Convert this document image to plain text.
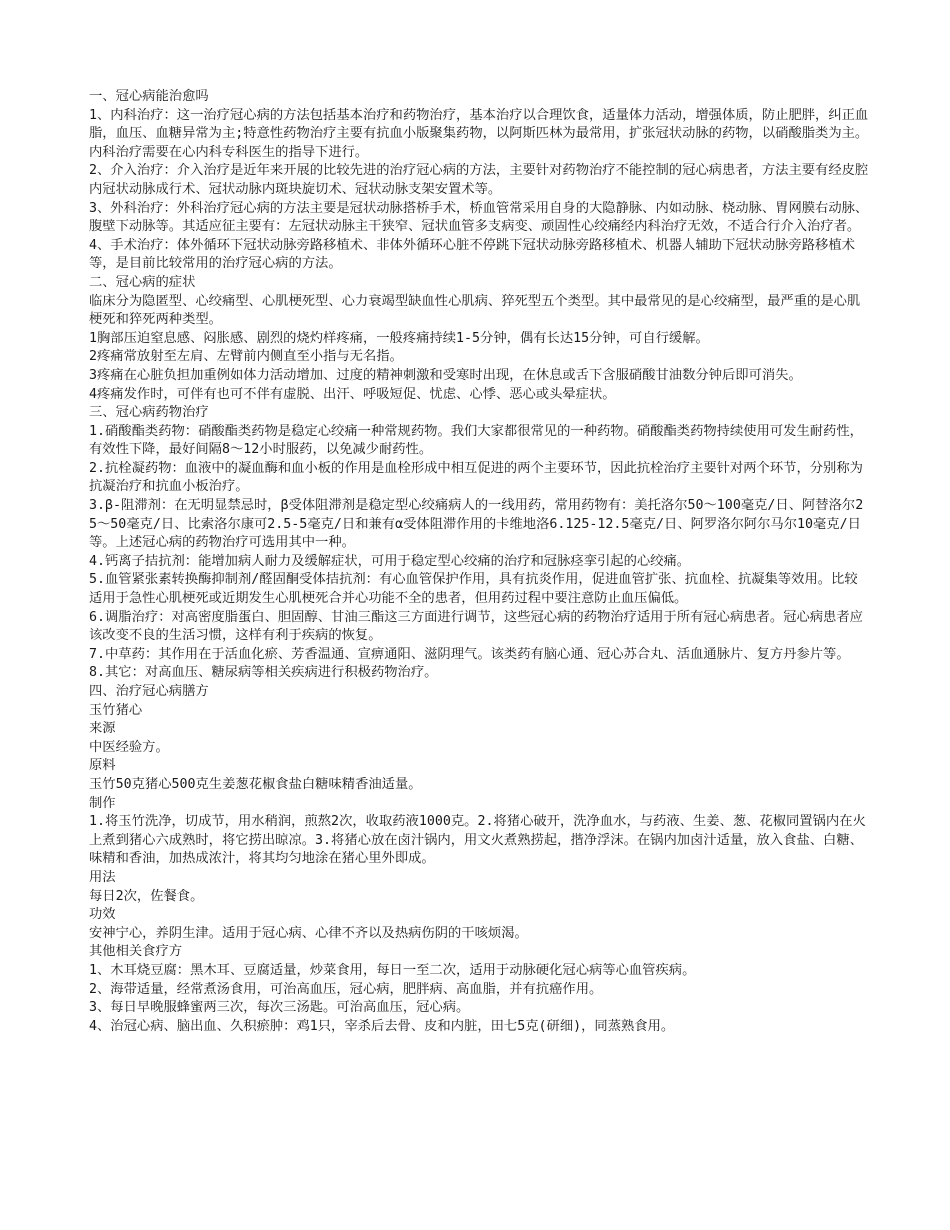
一、冠心病能治愈吗

1、内科治疗：这一治疗冠心病的方法包括基本治疗和药物治疗，基本治疗以合理饮食，适量体力活动，增强体质，防止肥胖，纠正血脂，血压、血糖异常为主;特意性药物治疗主要有抗血小版聚集药物，以阿斯匹林为最常用，扩张冠状动脉的药物，以硝酸脂类为主。内科治疗需要在心内科专科医生的指导下进行。

2、介入治疗：介入治疗是近年来开展的比较先进的治疗冠心病的方法，主要针对药物治疗不能控制的冠心病患者，方法主要有经皮腔内冠状动脉成行术、冠状动脉内斑块旋切术、冠状动脉支架安置术等。

3、外科治疗：外科治疗冠心病的方法主要是冠状动脉搭桥手术，桥血管常采用自身的大隐静脉、内如动脉、桡动脉、胃网膜右动脉、腹壁下动脉等。其适应征主要有：左冠状动脉主干狭窄、冠状血管多支病变、顽固性心绞痛经内科治疗无效，不适合行介入治疗者。

4、手术治疗：体外循环下冠状动脉旁路移植术、非体外循环心脏不停跳下冠状动脉旁路移植术、机器人辅助下冠状动脉旁路移植术等，是目前比较常用的治疗冠心病的方法。

二、冠心病的症状

临床分为隐匿型、心绞痛型、心肌梗死型、心力衰竭型缺血性心肌病、猝死型五个类型。其中最常见的是心绞痛型，最严重的是心肌梗死和猝死两种类型。

1胸部压迫窒息感、闷胀感、剧烈的烧灼样疼痛，一般疼痛持续1-5分钟，偶有长达15分钟，可自行缓解。

2疼痛常放射至左肩、左臂前内侧直至小指与无名指。

3疼痛在心脏负担加重例如体力活动增加、过度的精神刺激和受寒时出现，在休息或舌下含服硝酸甘油数分钟后即可消失。

4疼痛发作时，可伴有也可不伴有虚脱、出汗、呼吸短促、忧虑、心悸、恶心或头晕症状。

三、冠心病药物治疗

1.硝酸酯类药物：硝酸酯类药物是稳定心绞痛一种常规药物。我们大家都很常见的一种药物。硝酸酯类药物持续使用可发生耐药性，有效性下降，最好间隔8～12小时服药，以免减少耐药性。

2.抗栓凝药物：血液中的凝血酶和血小板的作用是血栓形成中相互促进的两个主要环节，因此抗栓治疗主要针对两个环节，分别称为抗凝治疗和抗血小板治疗。

3.β-阻滞剂：在无明显禁忌时，β受体阻滞剂是稳定型心绞痛病人的一线用药，常用药物有：美托洛尔50～100毫克/日、阿替洛尔25～50毫克/日、比索洛尔康可2.5-5毫克/日和兼有α受体阻滞作用的卡维地洛6.125-12.5毫克/日、阿罗洛尔阿尔马尔10毫克/日等。上述冠心病的药物治疗可选用其中一种。

4.钙离子拮抗剂：能增加病人耐力及缓解症状，可用于稳定型心绞痛的治疗和冠脉痉挛引起的心绞痛。

5.血管紧张素转换酶抑制剂/醛固酮受体拮抗剂：有心血管保护作用，具有抗炎作用，促进血管扩张、抗血栓、抗凝集等效用。比较适用于急性心肌梗死或近期发生心肌梗死合并心功能不全的患者，但用药过程中要注意防止血压偏低。

6.调脂治疗：对高密度脂蛋白、胆固醇、甘油三酯这三方面进行调节，这些冠心病的药物治疗适用于所有冠心病患者。冠心病患者应该改变不良的生活习惯，这样有利于疾病的恢复。

7.中草药：其作用在于活血化瘀、芳香温通、宣痹通阳、滋阴理气。该类药有脑心通、冠心苏合丸、活血通脉片、复方丹参片等。

8.其它：对高血压、糖尿病等相关疾病进行积极药物治疗。

四、治疗冠心病膳方

玉竹猪心

来源

中医经验方。

原料

玉竹50克猪心500克生姜葱花椒食盐白糖味精香油适量。

制作

1.将玉竹洗净，切成节，用水稍润，煎熬2次，收取药液1000克。2.将猪心破开，洗净血水，与药液、生姜、葱、花椒同置锅内在火上煮到猪心六成熟时，将它捞出晾凉。3.将猪心放在卤汁锅内，用文火煮熟捞起，揩净浮沫。在锅内加卤汁适量，放入食盐、白糖、味精和香油，加热成浓汁，将其均匀地涂在猪心里外即成。

用法

每日2次，佐餐食。

功效

安神宁心，养阴生津。适用于冠心病、心律不齐以及热病伤阴的干咳烦渴。

其他相关食疗方

1、木耳烧豆腐：黑木耳、豆腐适量，炒菜食用，每日一至二次，适用于动脉硬化冠心病等心血管疾病。

2、海带适量，经常煮汤食用，可治高血压，冠心病，肥胖病、高血脂，并有抗癌作用。

3、每日早晚服蜂蜜两三次，每次三汤匙。可治高血压，冠心病。

4、治冠心病、脑出血、久积瘀肿：鸡1只，宰杀后去骨、皮和内脏，田七5克(研细)，同蒸熟食用。
